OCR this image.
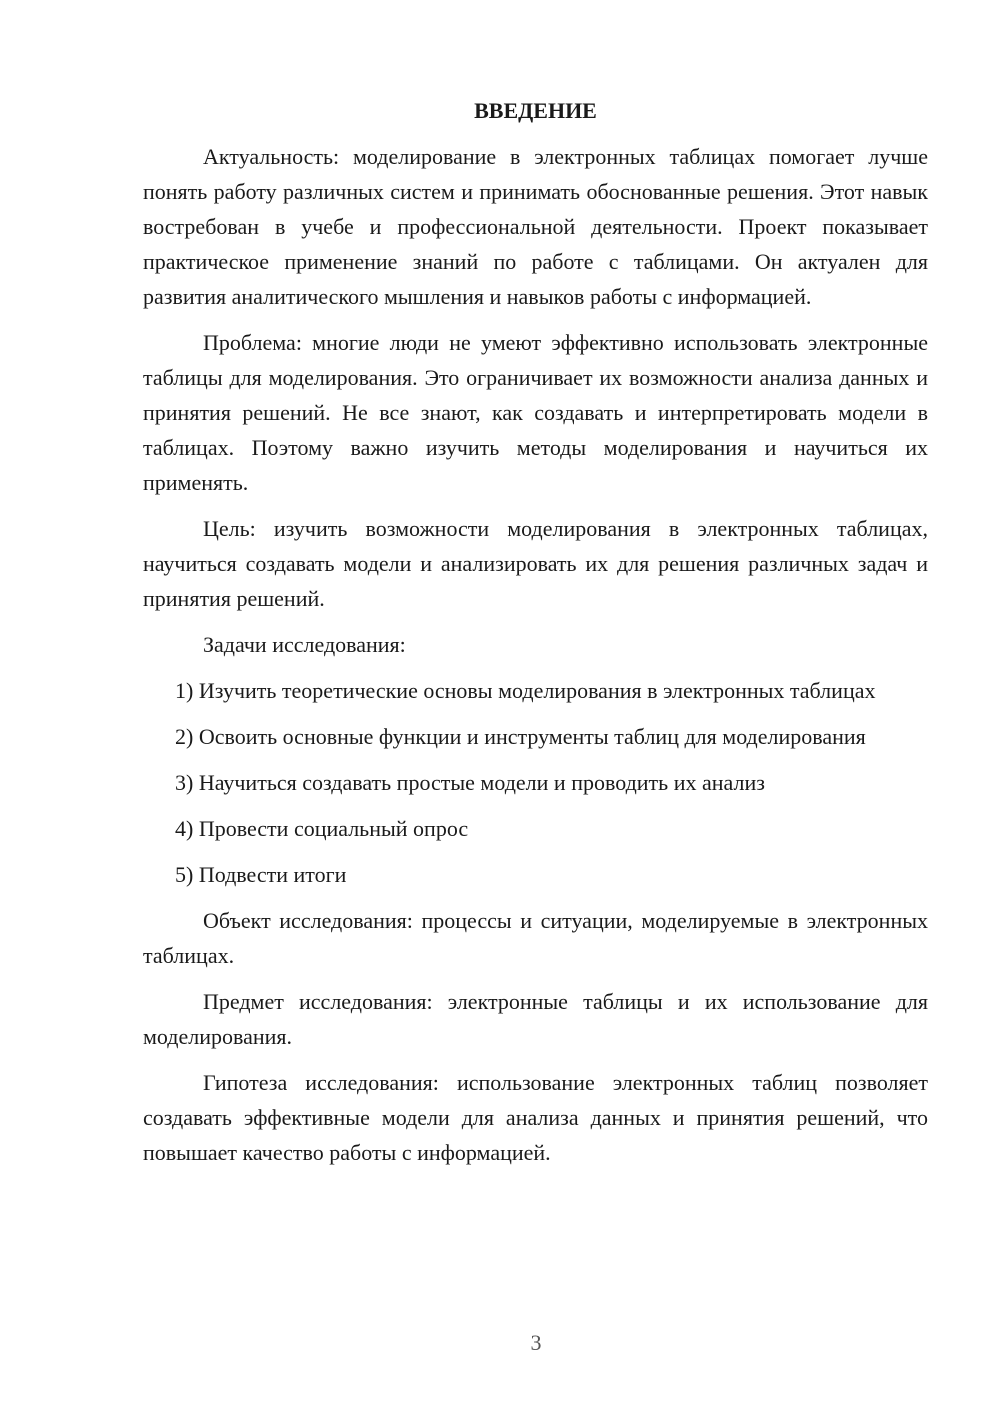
ВВЕДЕНИЕ

Актуальность: моделирование в электронных таблицах помогает лучше понять работу различных систем и принимать обоснованные решения. Этот навык востребован в учебе и профессиональной деятельности. Проект показывает практическое применение знаний по работе с таблицами. Он актуален для развития аналитического мышления и навыков работы с информацией.

Проблема: многие люди не умеют эффективно использовать электронные таблицы для моделирования. Это ограничивает их возможности анализа данных и принятия решений. Не все знают, как создавать и интерпретировать модели в таблицах. Поэтому важно изучить методы моделирования и научиться их применять.

Цель: изучить возможности моделирования в электронных таблицах, научиться создавать модели и анализировать их для решения различных задач и принятия решений.

Задачи исследования:

1) Изучить теоретические основы моделирования в электронных таблицах

2) Освоить основные функции и инструменты таблиц для моделирования

3) Научиться создавать простые модели и проводить их анализ

4) Провести социальный опрос

5) Подвести итоги

Объект исследования: процессы и ситуации, моделируемые в электронных таблицах.

Предмет исследования: электронные таблицы и их использование для моделирования.

Гипотеза исследования: использование электронных таблиц позволяет создавать эффективные модели для анализа данных и принятия решений, что повышает качество работы с информацией.

3
